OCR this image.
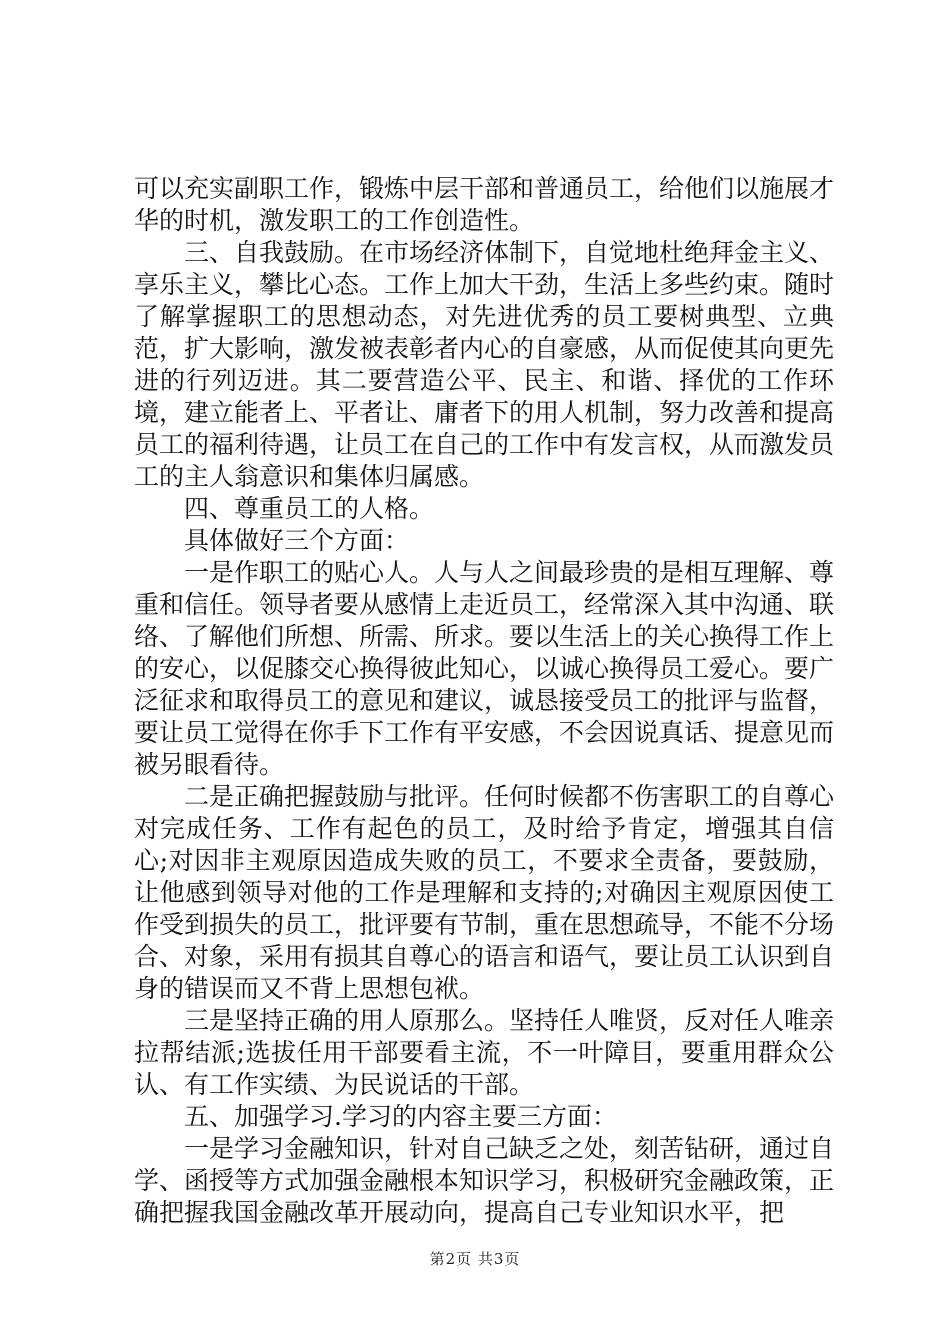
可以充实副职工作，锻炼中层干部和普通员工，给他们以施展才华的时机，激发职工的工作创造性。

三、自我鼓励。在市场经济体制下，自觉地杜绝拜金主义、享乐主义，攀比心态。工作上加大干劲，生活上多些约束。随时了解掌握职工的思想动态，对先进优秀的员工要树典型、立典范，扩大影响，激发被表彰者内心的自豪感，从而促使其向更先进的行列迈进。其二要营造公平、民主、和谐、择优的工作环境，建立能者上、平者让、庸者下的用人机制，努力改善和提高员工的福利待遇，让员工在自己的工作中有发言权，从而激发员工的主人翁意识和集体归属感。

四、尊重员工的人格。

具体做好三个方面：

一是作职工的贴心人。人与人之间最珍贵的是相互理解、尊重和信任。领导者要从感情上走近员工，经常深入其中沟通、联络、了解他们所想、所需、所求。要以生活上的关心换得工作上的安心，以促膝交心换得彼此知心，以诚心换得员工爱心。要广泛征求和取得员工的意见和建议，诚恳接受员工的批评与监督，要让员工觉得在你手下工作有平安感，不会因说真话、提意见而被另眼看待。

二是正确把握鼓励与批评。任何时候都不伤害职工的自尊心对完成任务、工作有起色的员工，及时给予肯定，增强其自信心;对因非主观原因造成失败的员工，不要求全责备，要鼓励，让他感到领导对他的工作是理解和支持的;对确因主观原因使工作受到损失的员工，批评要有节制，重在思想疏导，不能不分场合、对象，采用有损其自尊心的语言和语气，要让员工认识到自身的错误而又不背上思想包袱。

三是坚持正确的用人原那么。坚持任人唯贤，反对任人唯亲拉帮结派;选拔任用干部要看主流，不一叶障目，要重用群众公认、有工作实绩、为民说话的干部。

五、加强学习.学习的内容主要三方面：

一是学习金融知识，针对自己缺乏之处，刻苦钻研，通过自学、函授等方式加强金融根本知识学习，积极研究金融政策，正确把握我国金融改革开展动向，提高自己专业知识水平，把

第2页 共3页
